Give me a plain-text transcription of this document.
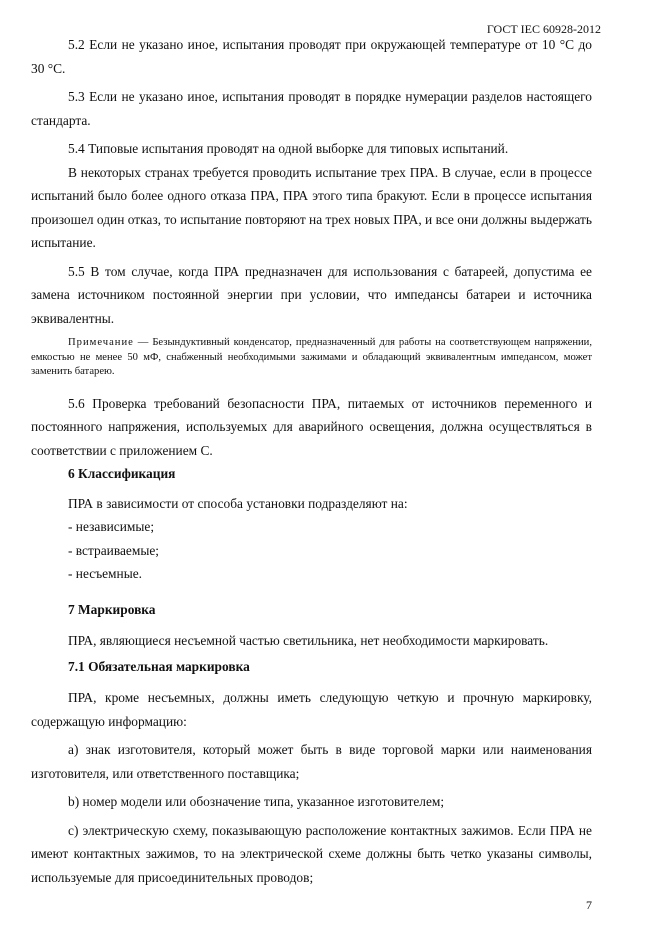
ГОСТ IEC 60928-2012

5.2 Если не указано иное, испытания проводят при окружающей температуре от 10 °С до 30 °С.

5.3 Если не указано иное, испытания проводят в порядке нумерации разделов настоящего стандарта.

5.4 Типовые испытания проводят на одной выборке для типовых испытаний.

В некоторых странах требуется проводить испытание трех ПРА. В случае, если в процессе испытаний было более одного отказа ПРА, ПРА этого типа бракуют. Если в процессе испытания произошел один отказ, то испытание повторяют на трех новых ПРА, и все они должны выдержать испытание.

5.5 В том случае, когда ПРА предназначен для использования с батареей, допустима ее замена источником постоянной энергии при условии, что импедансы батареи и источника эквивалентны.

Примечание — Безындуктивный конденсатор, предназначенный для работы на соответствующем напряжении, емкостью не менее 50 мФ, снабженный необходимыми зажимами и обладающий эквивалентным импедансом, может заменить батарею.

5.6 Проверка требований безопасности ПРА, питаемых от источников переменного и постоянного напряжения, используемых для аварийного освещения, должна осуществляться в соответствии с приложением С.

6 Классификация

ПРА в зависимости от способа установки подразделяют на:

- независимые;

- встраиваемые;

- несъемные.

7 Маркировка

ПРА, являющиеся несъемной частью светильника, нет необходимости маркировать.

7.1 Обязательная маркировка

ПРА, кроме несъемных, должны иметь следующую четкую и прочную маркировку, содержащую информацию:

а) знак изготовителя, который может быть в виде торговой марки или наименования изготовителя, или ответственного поставщика;

b) номер модели или обозначение типа, указанное изготовителем;

с) электрическую схему, показывающую расположение контактных зажимов. Если ПРА не имеют контактных зажимов, то на электрической схеме должны быть четко указаны символы, используемые для присоединительных проводов;

7
